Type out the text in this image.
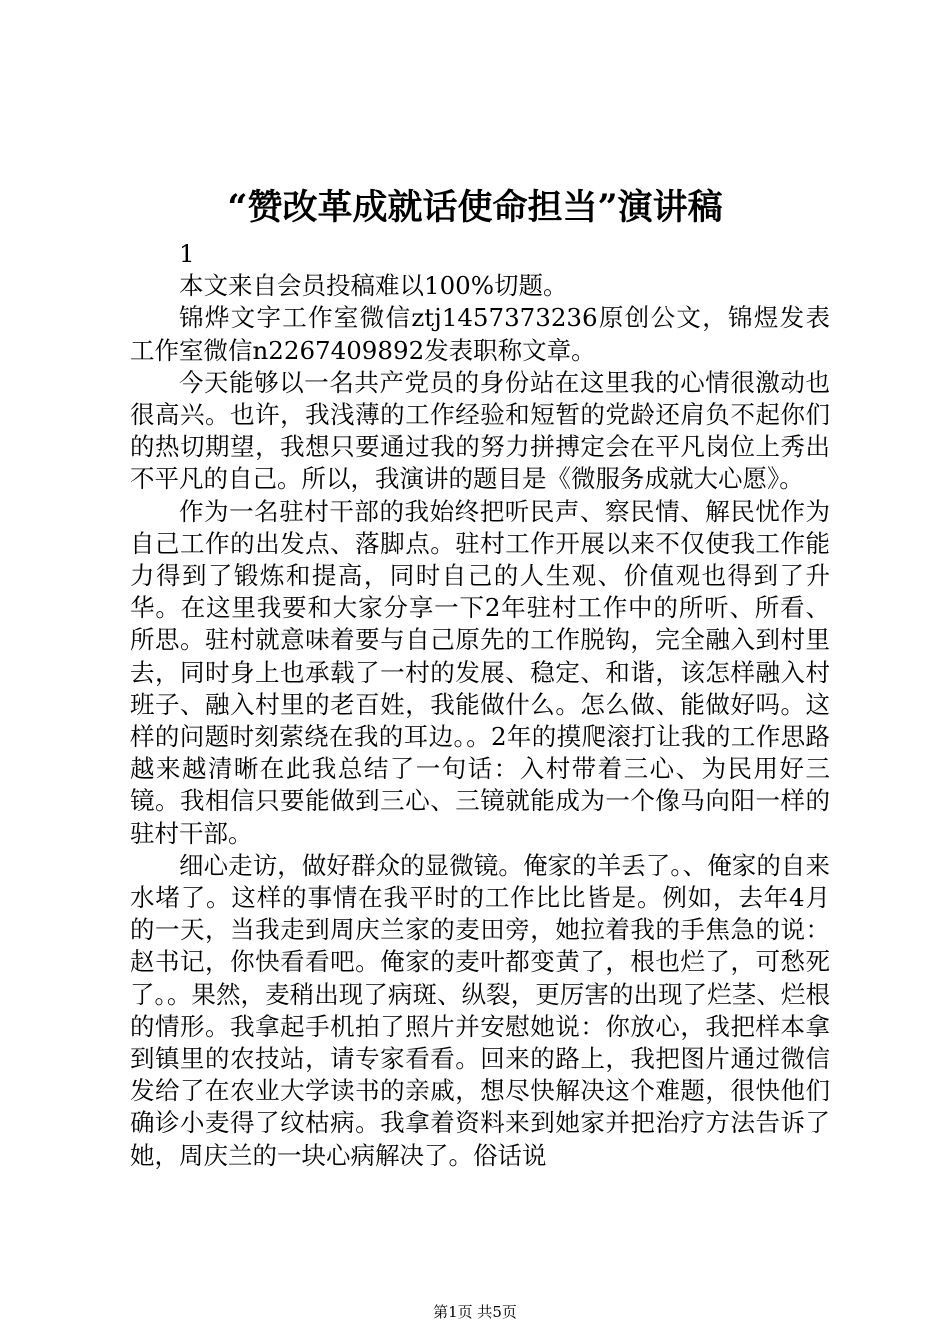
“赞改革成就话使命担当”演讲稿

1

本文来自会员投稿难以100%切题。

锦烨文字工作室微信ztj1457373236原创公文，锦煜发表工作室微信n2267409892发表职称文章。

今天能够以一名共产党员的身份站在这里我的心情很激动也很高兴。也许，我浅薄的工作经验和短暂的党龄还肩负不起你们的热切期望，我想只要通过我的努力拼搏定会在平凡岗位上秀出不平凡的自己。所以，我演讲的题目是《微服务成就大心愿》。

作为一名驻村干部的我始终把听民声、察民情、解民忧作为自己工作的出发点、落脚点。驻村工作开展以来不仅使我工作能力得到了锻炼和提高，同时自己的人生观、价值观也得到了升华。在这里我要和大家分享一下2年驻村工作中的所听、所看、所思。驻村就意味着要与自己原先的工作脱钩，完全融入到村里去，同时身上也承载了一村的发展、稳定、和谐，该怎样融入村班子、融入村里的老百姓，我能做什么。怎么做、能做好吗。这样的问题时刻萦绕在我的耳边。。2年的摸爬滚打让我的工作思路越来越清晰在此我总结了一句话：入村带着三心、为民用好三镜。我相信只要能做到三心、三镜就能成为一个像马向阳一样的驻村干部。

细心走访，做好群众的显微镜。俺家的羊丢了。、俺家的自来水堵了。这样的事情在我平时的工作比比皆是。例如，去年4月的一天，当我走到周庆兰家的麦田旁，她拉着我的手焦急的说：赵书记，你快看看吧。俺家的麦叶都变黄了，根也烂了，可愁死了。。果然，麦稍出现了病斑、纵裂，更厉害的出现了烂茎、烂根的情形。我拿起手机拍了照片并安慰她说：你放心，我把样本拿到镇里的农技站，请专家看看。回来的路上，我把图片通过微信发给了在农业大学读书的亲戚，想尽快解决这个难题，很快他们确诊小麦得了纹枯病。我拿着资料来到她家并把治疗方法告诉了她，周庆兰的一块心病解决了。俗话说

第1页 共5页
